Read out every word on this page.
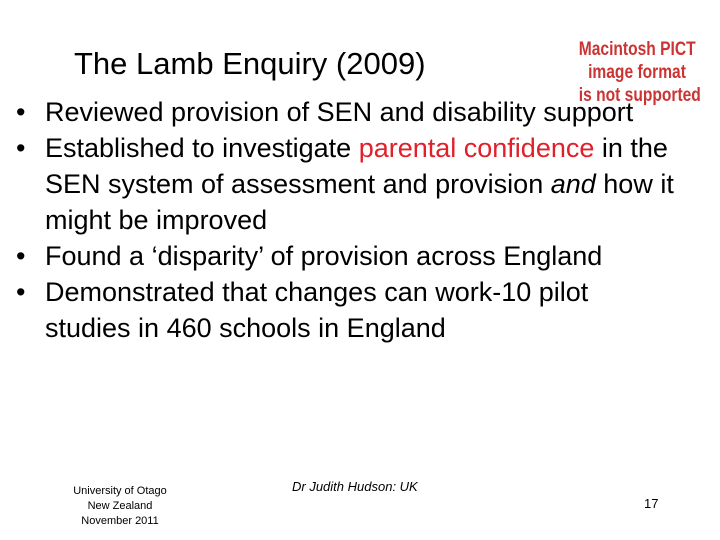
The Lamb Enquiry (2009)	Macintosh PICT
image format
is not supported
• Reviewed provision of SEN and disability support
• Established to investigate parental confidence in the SEN system of assessment and provision and how it might be improved
• Found a ‘disparity’ of provision across England
• Demonstrated that changes can work-10 pilot studies in 460 schools in England
University of Otago
New Zealand
November 2011
Dr Judith Hudson: UK
17
